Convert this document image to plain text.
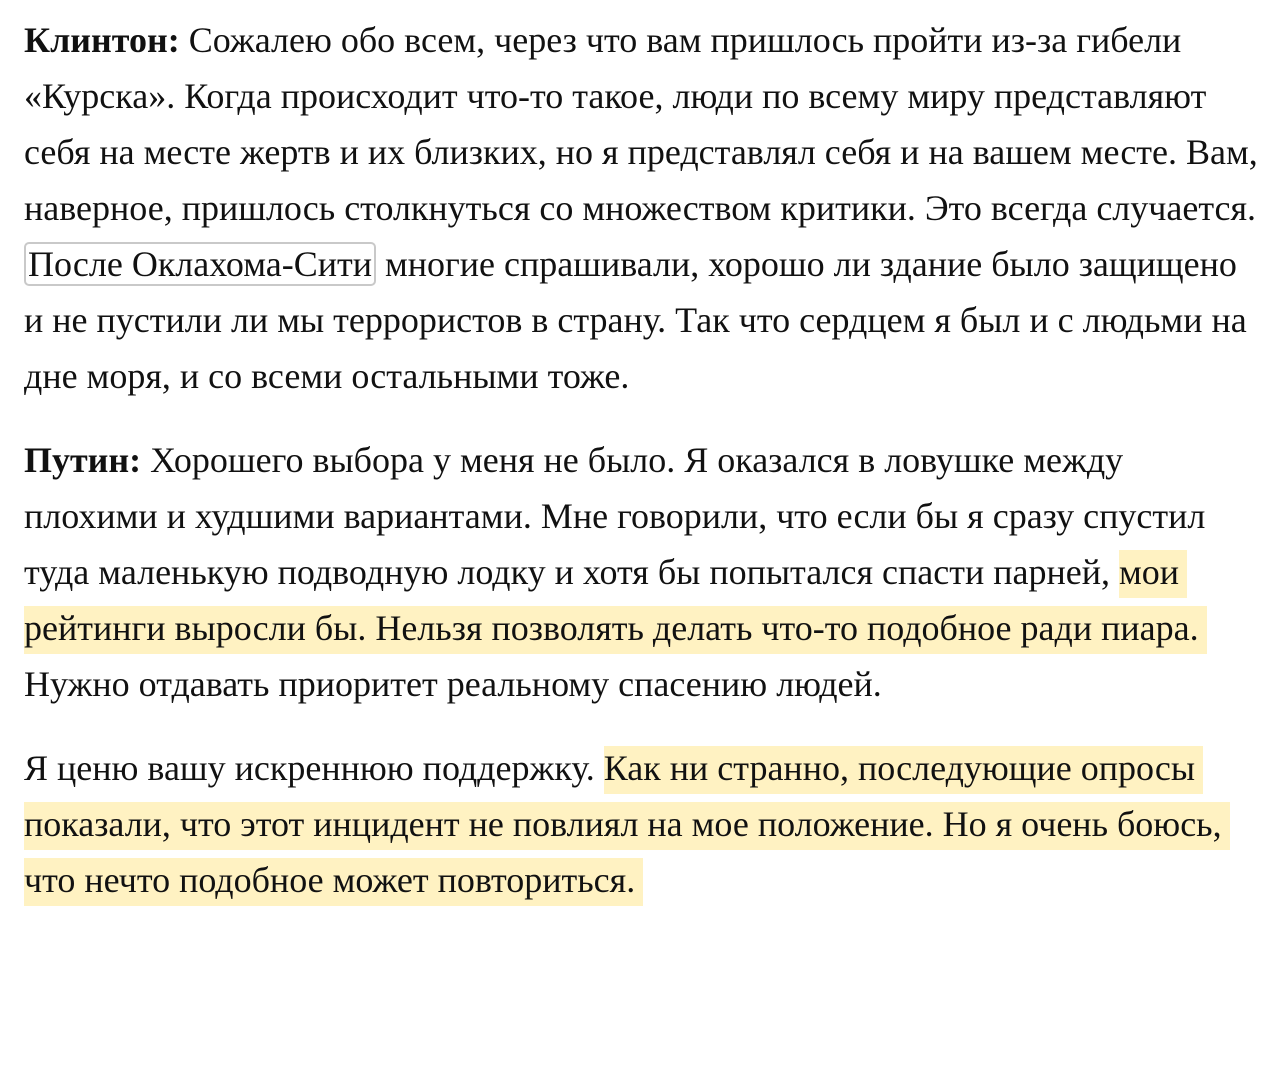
Клинтон: Сожалею обо всем, через что вам пришлось пройти из-за гибели «Курска». Когда происходит что-то такое, люди по всему миру представляют себя на месте жертв и их близких, но я представлял себя и на вашем месте. Вам, наверное, пришлось столкнуться со множеством критики. Это всегда случается. После Оклахома-Сити многие спрашивали, хорошо ли здание было защищено и не пустили ли мы террористов в страну. Так что сердцем я был и с людьми на дне моря, и со всеми остальными тоже.

Путин: Хорошего выбора у меня не было. Я оказался в ловушке между плохими и худшими вариантами. Мне говорили, что если бы я сразу спустил туда маленькую подводную лодку и хотя бы попытался спасти парней, мои рейтинги выросли бы. Нельзя позволять делать что-то подобное ради пиара. Нужно отдавать приоритет реальному спасению людей.

Я ценю вашу искреннюю поддержку. Как ни странно, последующие опросы показали, что этот инцидент не повлиял на мое положение. Но я очень боюсь, что нечто подобное может повториться.
